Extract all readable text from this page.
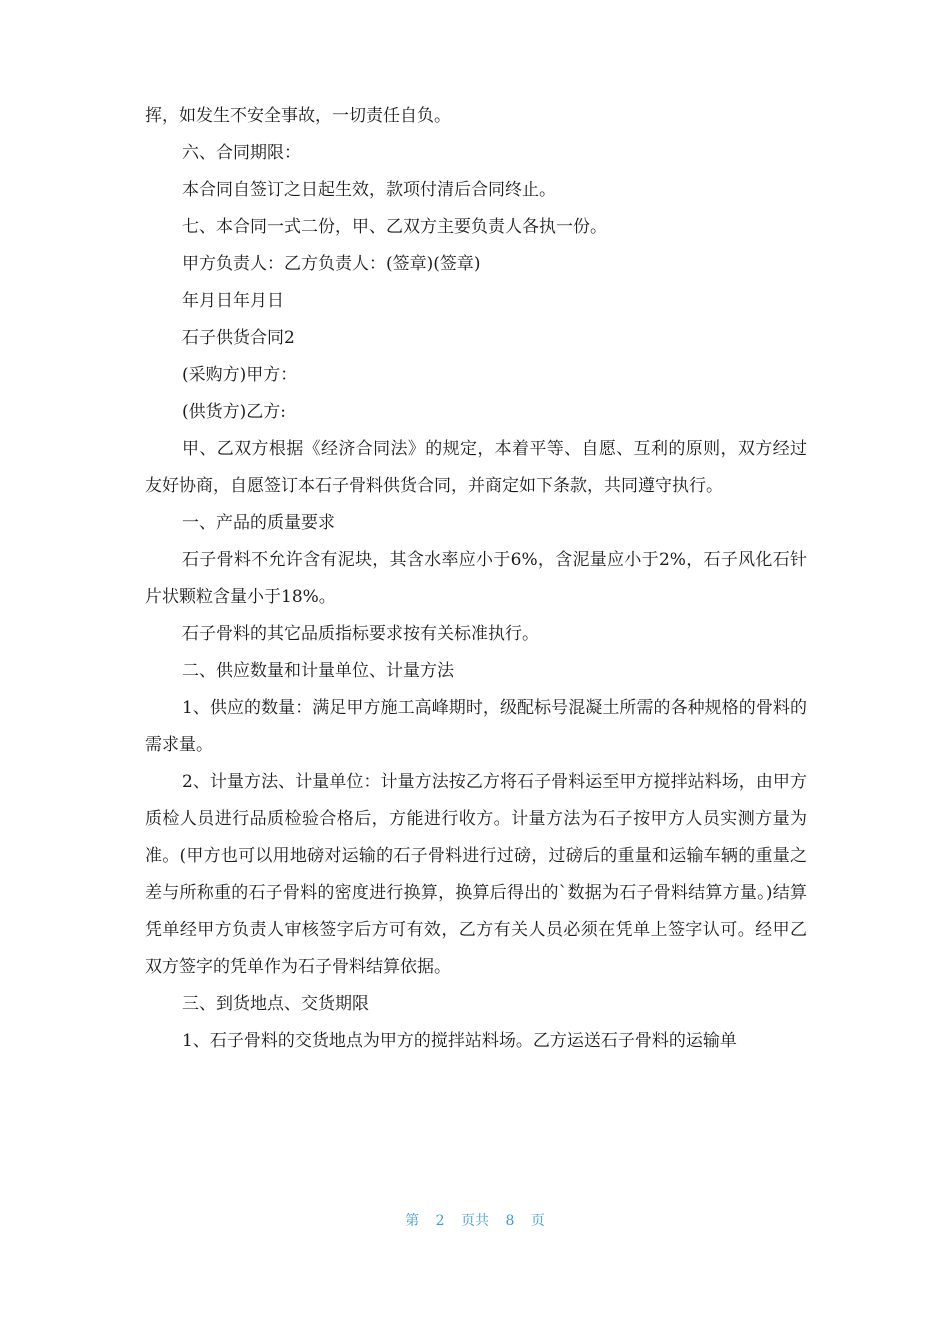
挥，如发生不安全事故，一切责任自负。

六、合同期限：

本合同自签订之日起生效，款项付清后合同终止。

七、本合同一式二份，甲、乙双方主要负责人各执一份。

甲方负责人：乙方负责人：(签章)(签章)

年月日年月日

石子供货合同2

(采购方)甲方：

(供货方)乙方:

甲、乙双方根据《经济合同法》的规定，本着平等、自愿、互利的原则，双方经过友好协商，自愿签订本石子骨料供货合同，并商定如下条款，共同遵守执行。

一、产品的质量要求

石子骨料不允许含有泥块，其含水率应小于6%，含泥量应小于2%，石子风化石针片状颗粒含量小于18%。

石子骨料的其它品质指标要求按有关标准执行。

二、供应数量和计量单位、计量方法

1、供应的数量：满足甲方施工高峰期时，级配标号混凝土所需的各种规格的骨料的需求量。

2、计量方法、计量单位：计量方法按乙方将石子骨料运至甲方搅拌站料场，由甲方质检人员进行品质检验合格后，方能进行收方。计量方法为石子按甲方人员实测方量为准。(甲方也可以用地磅对运输的石子骨料进行过磅，过磅后的重量和运输车辆的重量之差与所称重的石子骨料的密度进行换算，换算后得出的`数据为石子骨料结算方量。)结算凭单经甲方负责人审核签字后方可有效，乙方有关人员必须在凭单上签字认可。经甲乙双方签字的凭单作为石子骨料结算依据。

三、到货地点、交货期限

1、石子骨料的交货地点为甲方的搅拌站料场。乙方运送石子骨料的运输单

第 2 页共 8 页
